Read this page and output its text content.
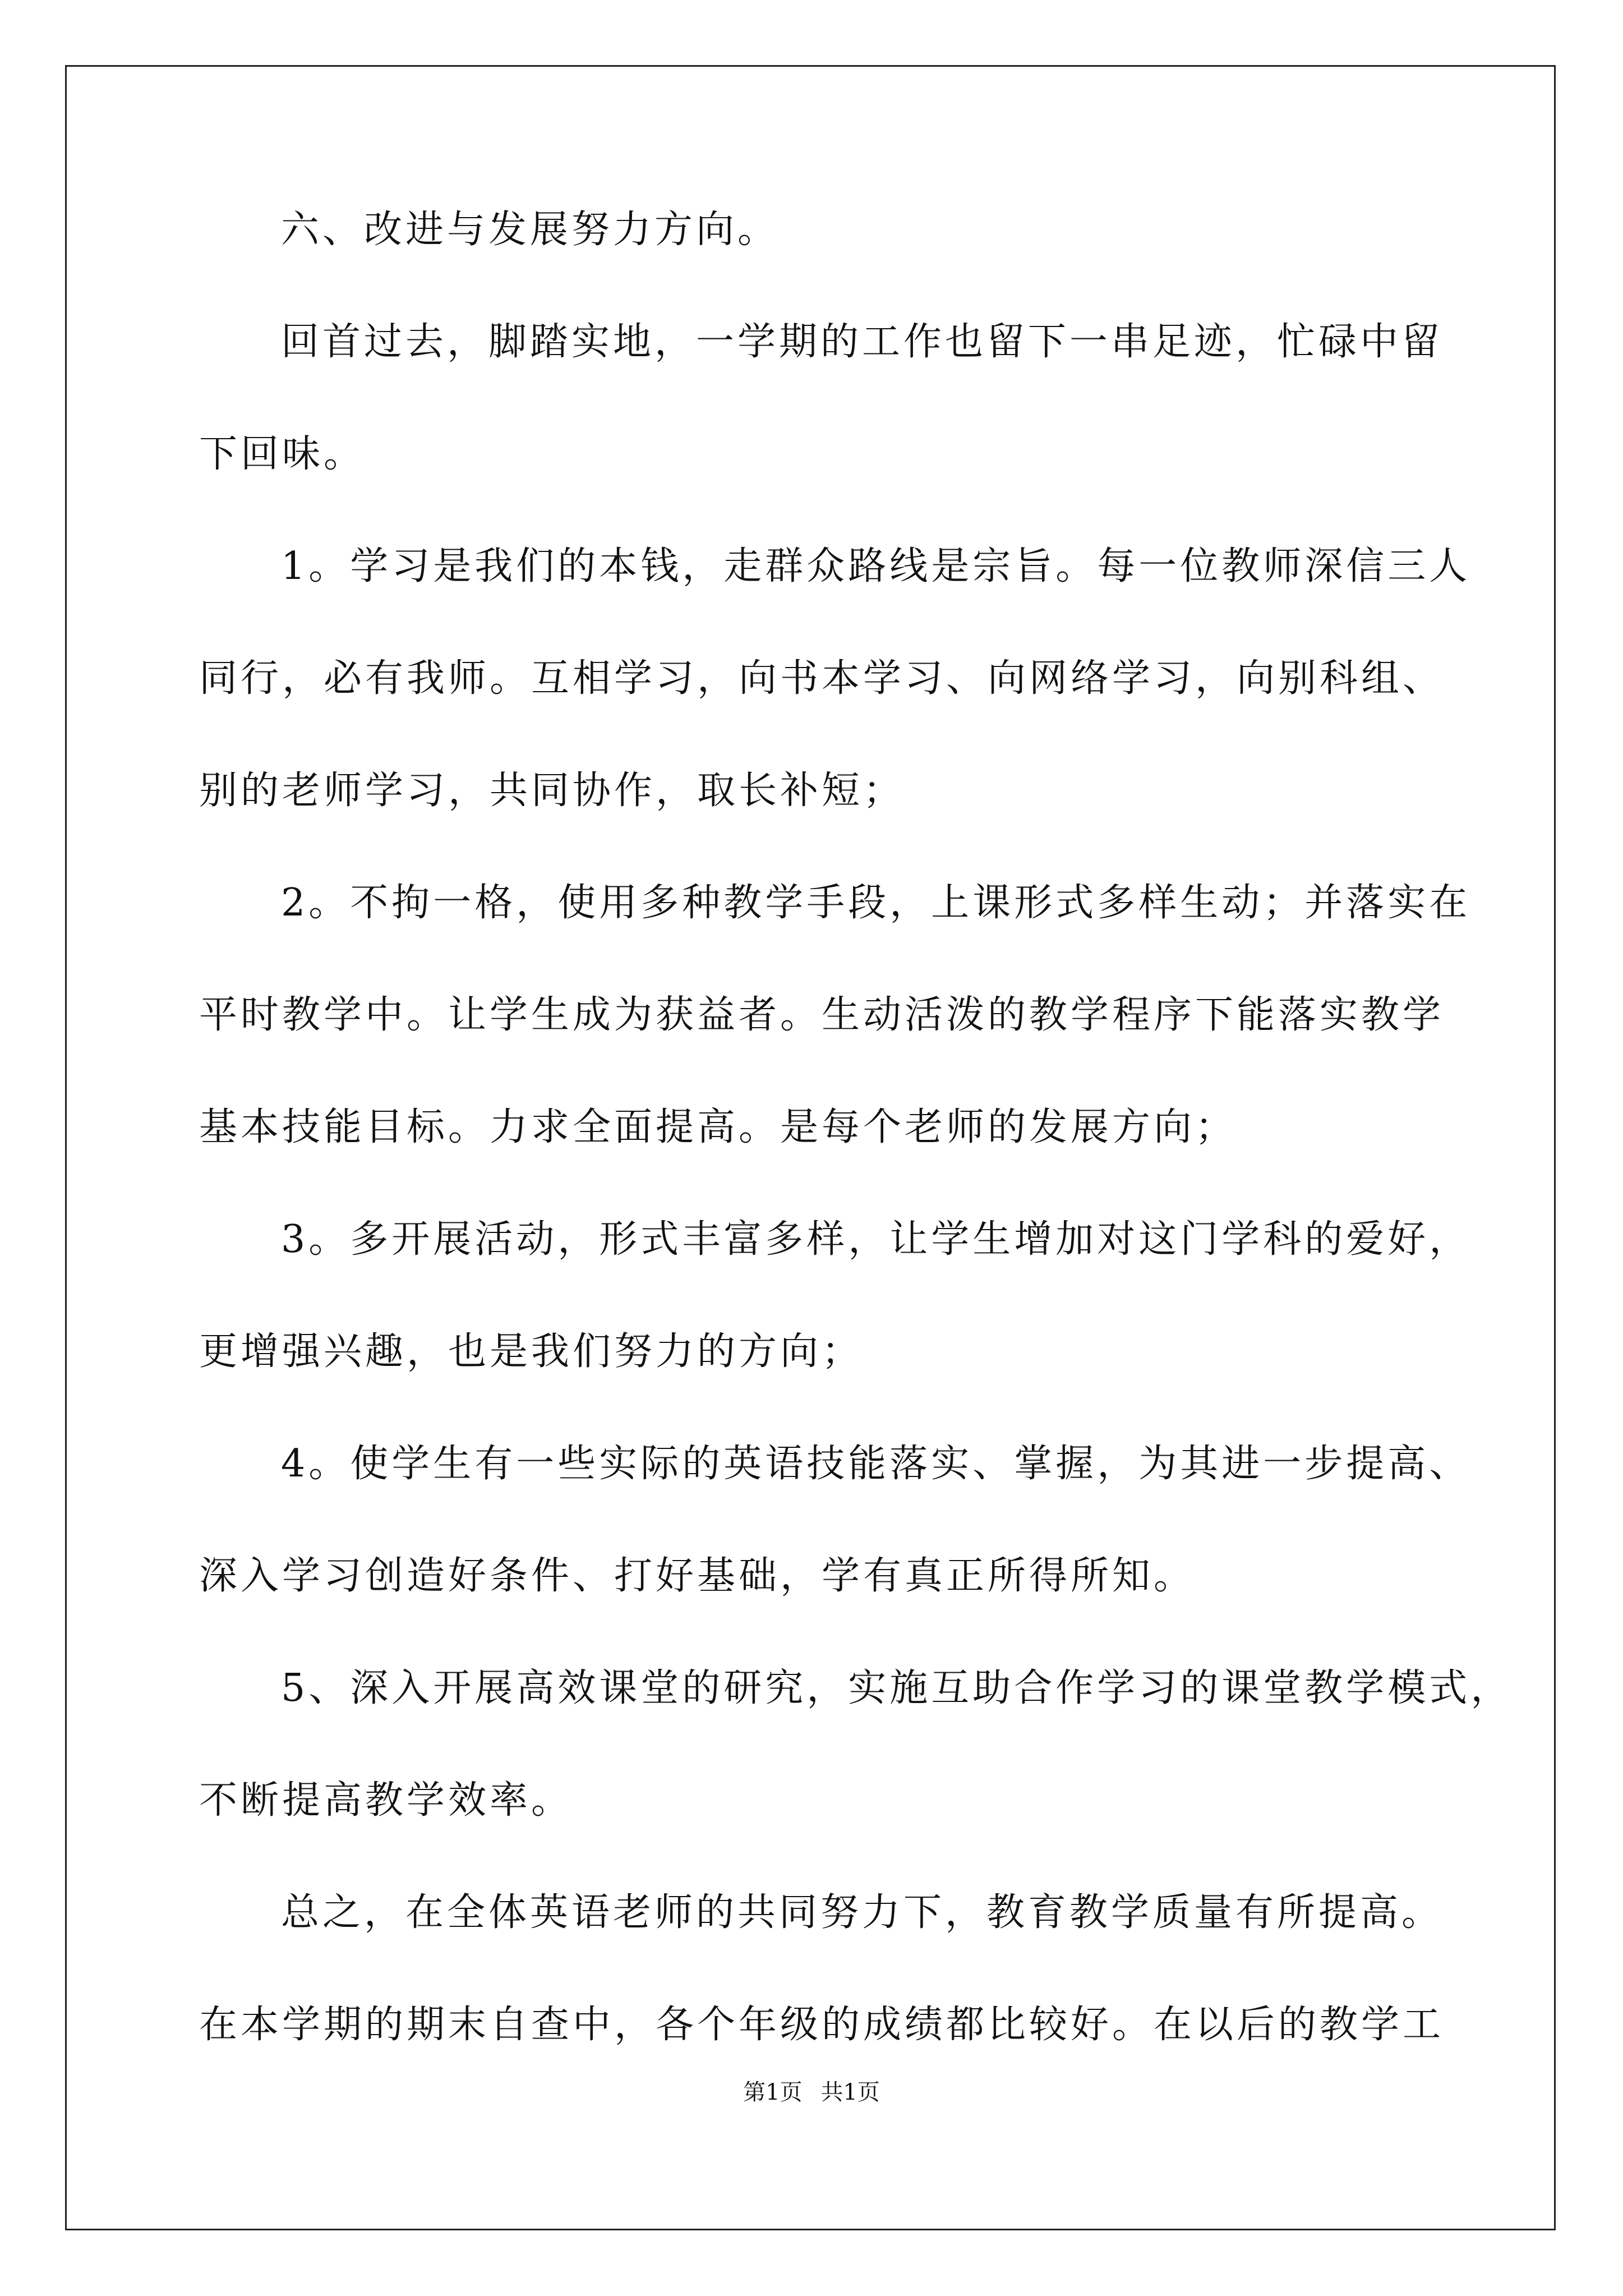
六、改进与发展努力方向。
回首过去，脚踏实地，一学期的工作也留下一串足迹，忙碌中留
下回味。
1。学习是我们的本钱，走群众路线是宗旨。每一位教师深信三人
同行，必有我师。互相学习，向书本学习、向网络学习，向别科组、
别的老师学习，共同协作，取长补短；
2。不拘一格，使用多种教学手段，上课形式多样生动；并落实在
平时教学中。让学生成为获益者。生动活泼的教学程序下能落实教学
基本技能目标。力求全面提高。是每个老师的发展方向；
3。多开展活动，形式丰富多样，让学生增加对这门学科的爱好，
更增强兴趣，也是我们努力的方向；
4。使学生有一些实际的英语技能落实、掌握，为其进一步提高、
深入学习创造好条件、打好基础，学有真正所得所知。
5、深入开展高效课堂的研究，实施互助合作学习的课堂教学模式，
不断提高教学效率。
总之，在全体英语老师的共同努力下，教育教学质量有所提高。
在本学期的期末自查中，各个年级的成绩都比较好。在以后的教学工
第1页 共1页
